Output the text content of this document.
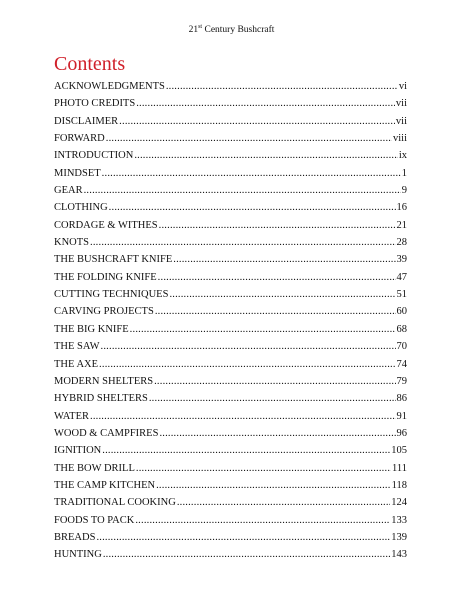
21st Century Bushcraft
Contents
ACKNOWLEDGMENTS .....	vi
PHOTO CREDITS .....	vii
DISCLAIMER .....	vii
FORWARD .....	viii
INTRODUCTION .....	ix
MINDSET .....	1
GEAR .....	9
CLOTHING .....	16
CORDAGE & WITHES .....	21
KNOTS .....	28
THE BUSHCRAFT KNIFE .....	39
THE FOLDING KNIFE .....	47
CUTTING TECHNIQUES .....	51
CARVING PROJECTS .....	60
THE BIG KNIFE .....	68
THE SAW .....	70
THE AXE .....	74
MODERN SHELTERS .....	79
HYBRID SHELTERS .....	86
WATER .....	91
WOOD & CAMPFIRES .....	96
IGNITION .....	105
THE BOW DRILL .....	111
THE CAMP KITCHEN .....	118
TRADITIONAL COOKING .....	124
FOODS TO PACK .....	133
BREADS .....	139
HUNTING .....	143
